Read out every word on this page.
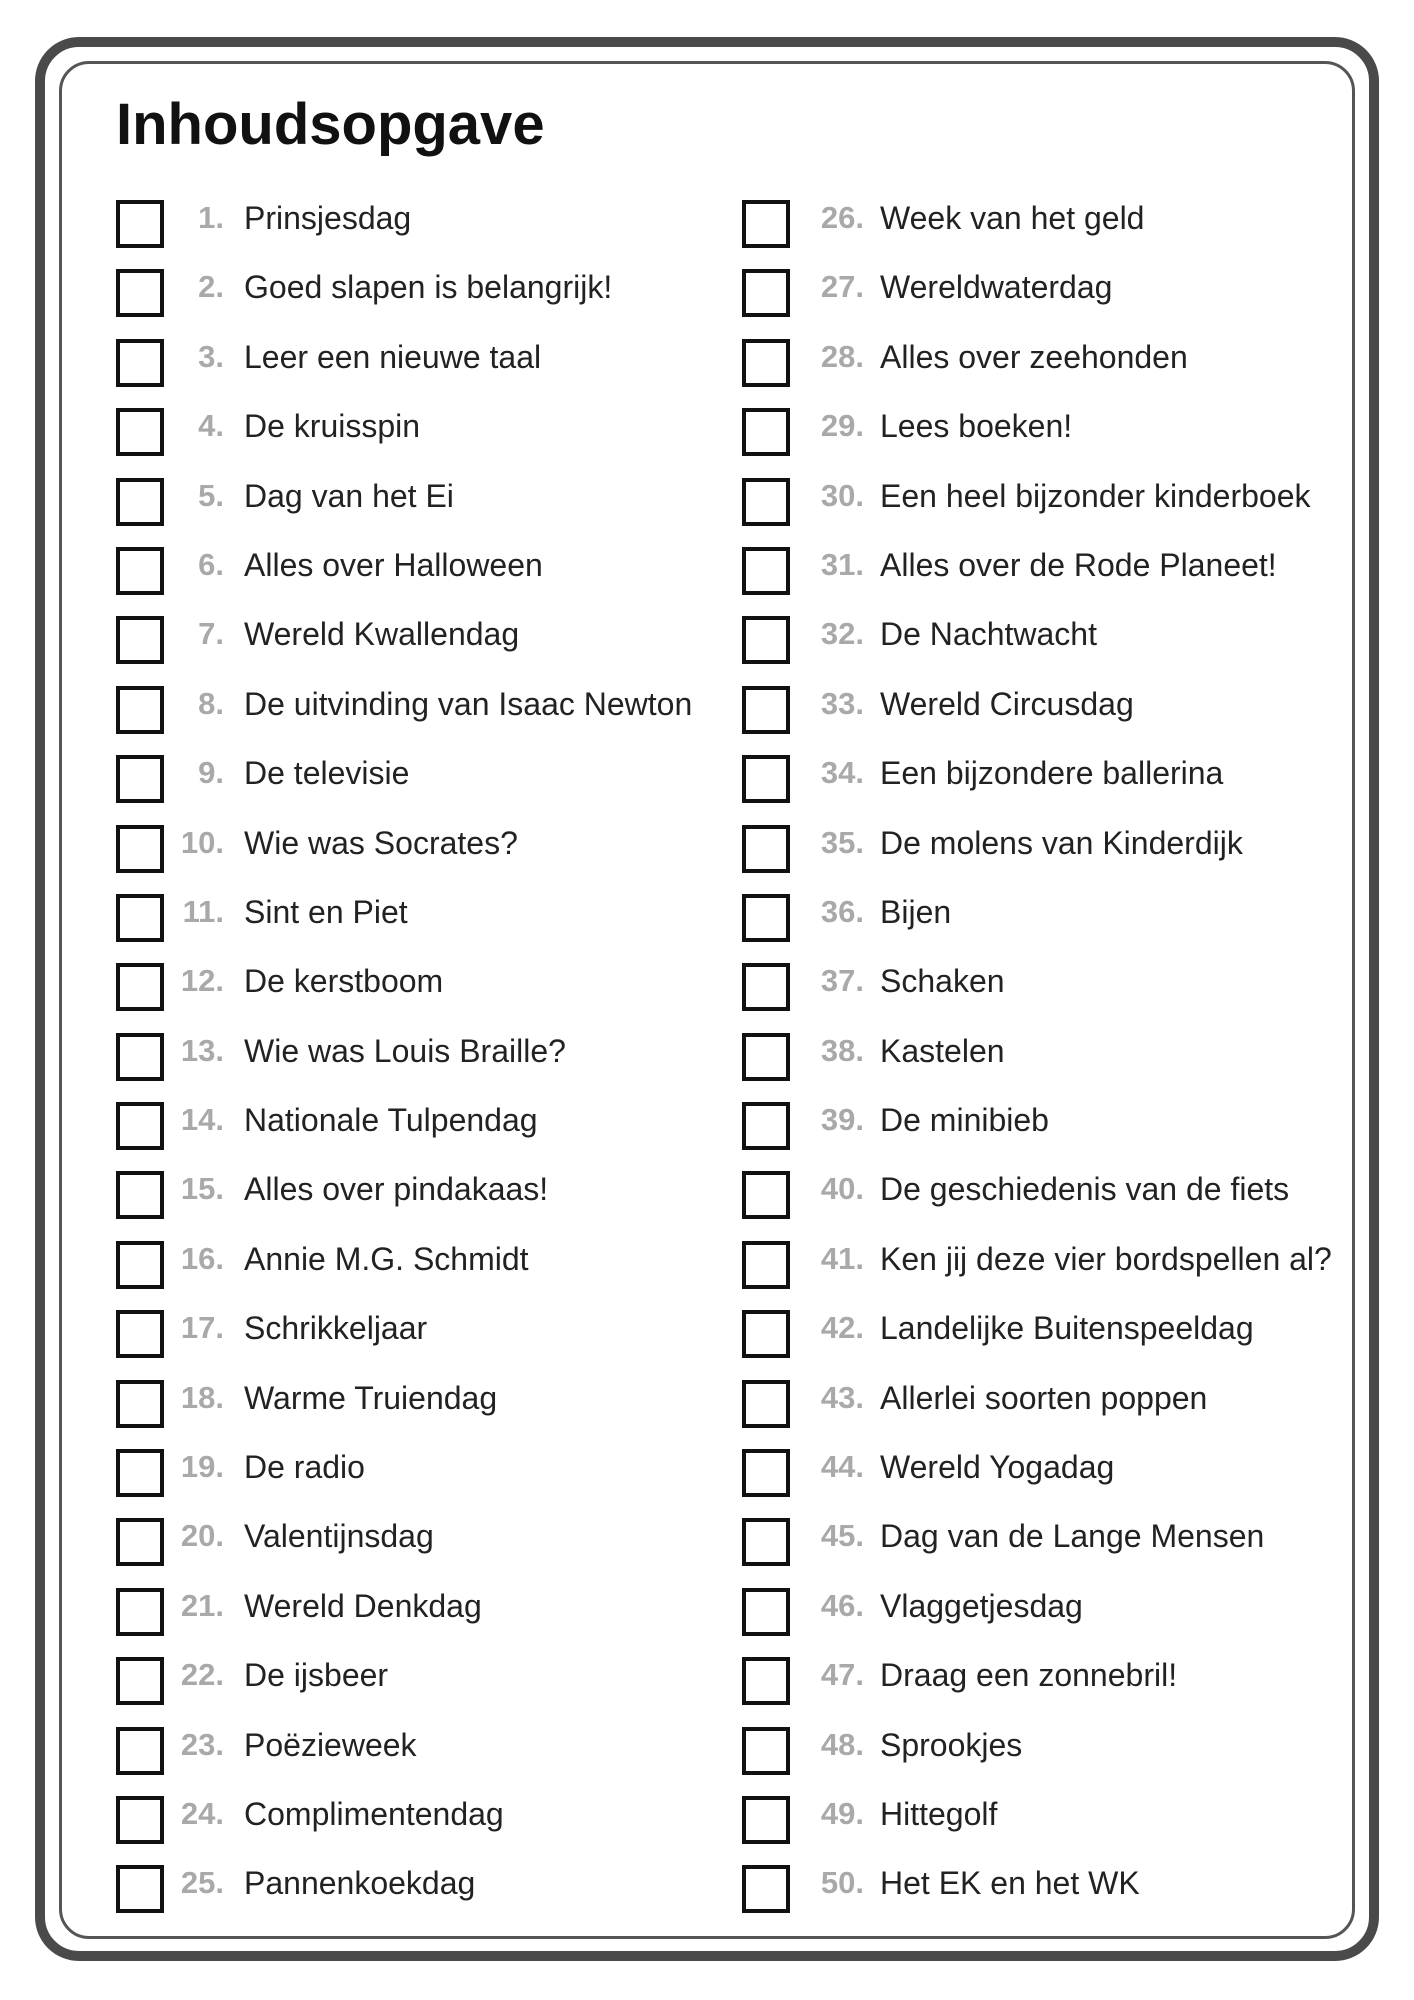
Inhoudsopgave
1. Prinsjesdag
2. Goed slapen is belangrijk!
3. Leer een nieuwe taal
4. De kruisspin
5. Dag van het Ei
6. Alles over Halloween
7. Wereld Kwallendag
8. De uitvinding van Isaac Newton
9. De televisie
10. Wie was Socrates?
11. Sint en Piet
12. De kerstboom
13. Wie was Louis Braille?
14. Nationale Tulpendag
15. Alles over pindakaas!
16. Annie M.G. Schmidt
17. Schrikkeljaar
18. Warme Truiendag
19. De radio
20. Valentijnsdag
21. Wereld Denkdag
22. De ijsbeer
23. Poëzieweek
24. Complimentendag
25. Pannenkoekdag
26. Week van het geld
27. Wereldwaterdag
28. Alles over zeehonden
29. Lees boeken!
30. Een heel bijzonder kinderboek
31. Alles over de Rode Planeet!
32. De Nachtwacht
33. Wereld Circusdag
34. Een bijzondere ballerina
35. De molens van Kinderdijk
36. Bijen
37. Schaken
38. Kastelen
39. De minibieb
40. De geschiedenis van de fiets
41. Ken jij deze vier bordspellen al?
42. Landelijke Buitenspeeldag
43. Allerlei soorten poppen
44. Wereld Yogadag
45. Dag van de Lange Mensen
46. Vlaggetjesdag
47. Draag een zonnebril!
48. Sprookjes
49. Hittegolf
50. Het EK en het WK
